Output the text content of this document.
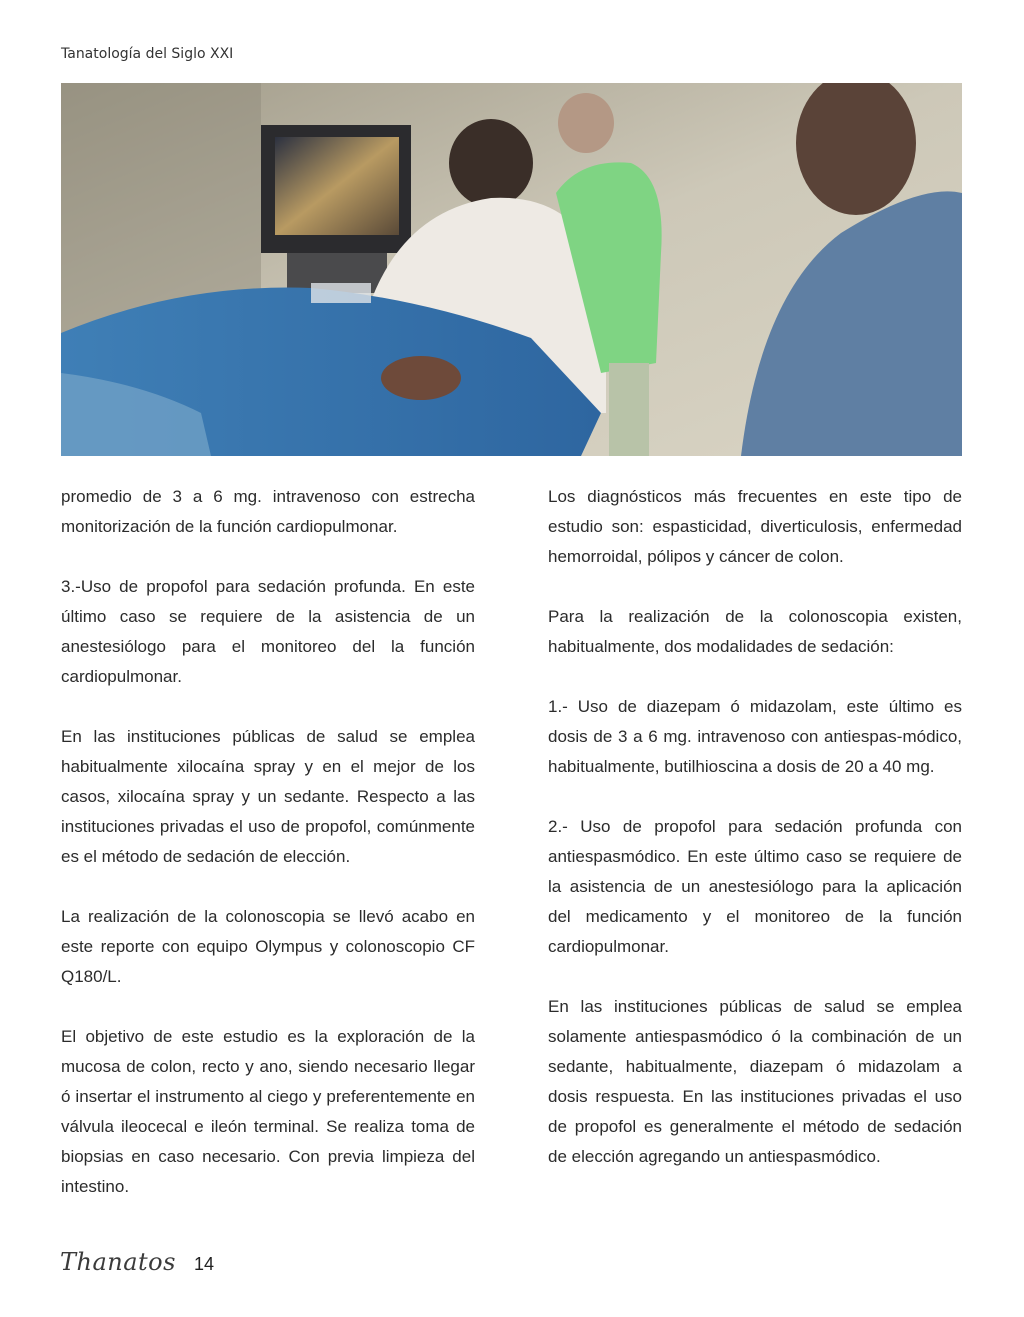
Tanatología del Siglo XXI

promedio de 3 a 6 mg. intravenoso con estrecha monitorización de la función cardiopulmonar.

3.-Uso de propofol para sedación profunda. En este último caso se requiere de la asistencia de un anestesiólogo para el monitoreo del la función cardiopulmonar.

En las instituciones públicas de salud se emplea habitualmente xilocaína spray y en el mejor de los casos, xilocaína spray y un sedante. Respecto a las instituciones privadas el uso de propofol, comúnmente es el método de sedación de elección.

La realización de la colonoscopia se llevó acabo en este reporte con equipo Olympus y colonoscopio CF Q180/L.

El objetivo de este estudio es la exploración de la mucosa de colon, recto y ano, siendo necesario llegar ó insertar el instrumento al ciego y preferentemente en válvula ileocecal e ileón terminal. Se realiza toma de biopsias en caso necesario. Con previa limpieza del intestino.

Los diagnósticos más frecuentes en este tipo de estudio son: espasticidad, diverticulosis, enfermedad hemorroidal, pólipos y cáncer de colon.

Para la realización de la colonoscopia existen, habitualmente, dos modalidades de sedación:

1.- Uso de diazepam ó midazolam, este último es dosis de 3 a 6 mg. intravenoso con antiespas-módico, habitualmente, butilhioscina a dosis de 20 a 40 mg.

2.- Uso de propofol para sedación profunda con antiespasmódico. En este último caso se requiere de la asistencia de un anestesiólogo para la aplicación del medicamento y el monitoreo de la función cardiopulmonar.

En las instituciones públicas de salud se emplea solamente antiespasmódico ó la combinación de un sedante, habitualmente, diazepam ó midazolam a dosis respuesta. En las instituciones privadas el uso de propofol es generalmente el método de sedación de elección agregando un antiespasmódico.

Thanatos 14
